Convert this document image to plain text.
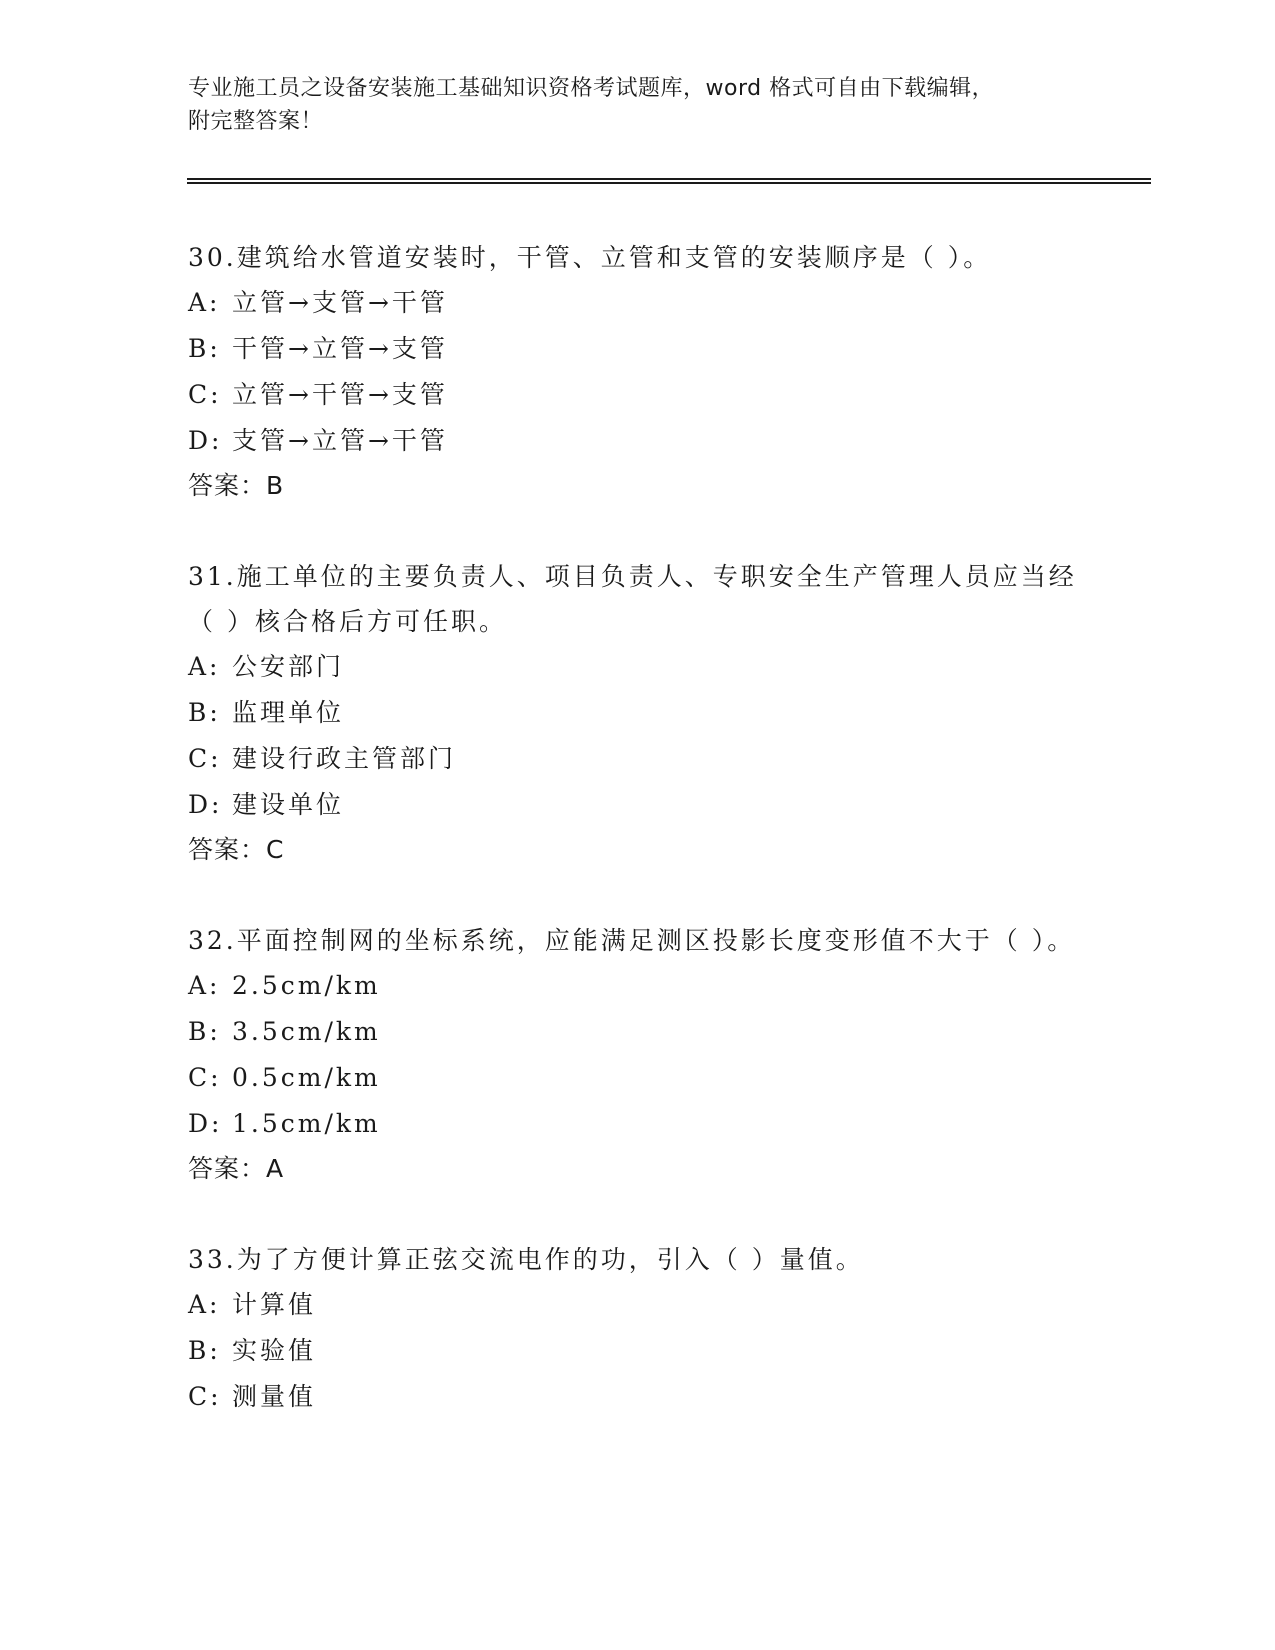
专业施工员之设备安装施工基础知识资格考试题库，word 格式可自由下载编辑，
附完整答案！
30.建筑给水管道安装时，干管、立管和支管的安装顺序是（ ）。
A: 立管→支管→干管
B: 干管→立管→支管
C: 立管→干管→支管
D: 支管→立管→干管
答案：B
31.施工单位的主要负责人、项目负责人、专职安全生产管理人员应当经（ ）核合格后方可任职。
A: 公安部门
B: 监理单位
C: 建设行政主管部门
D: 建设单位
答案：C
32.平面控制网的坐标系统，应能满足测区投影长度变形值不大于（ ）。
A: 2.5cm/km
B: 3.5cm/km
C: 0.5cm/km
D: 1.5cm/km
答案：A
33.为了方便计算正弦交流电作的功，引入（ ）量值。
A: 计算值
B: 实验值
C: 测量值
